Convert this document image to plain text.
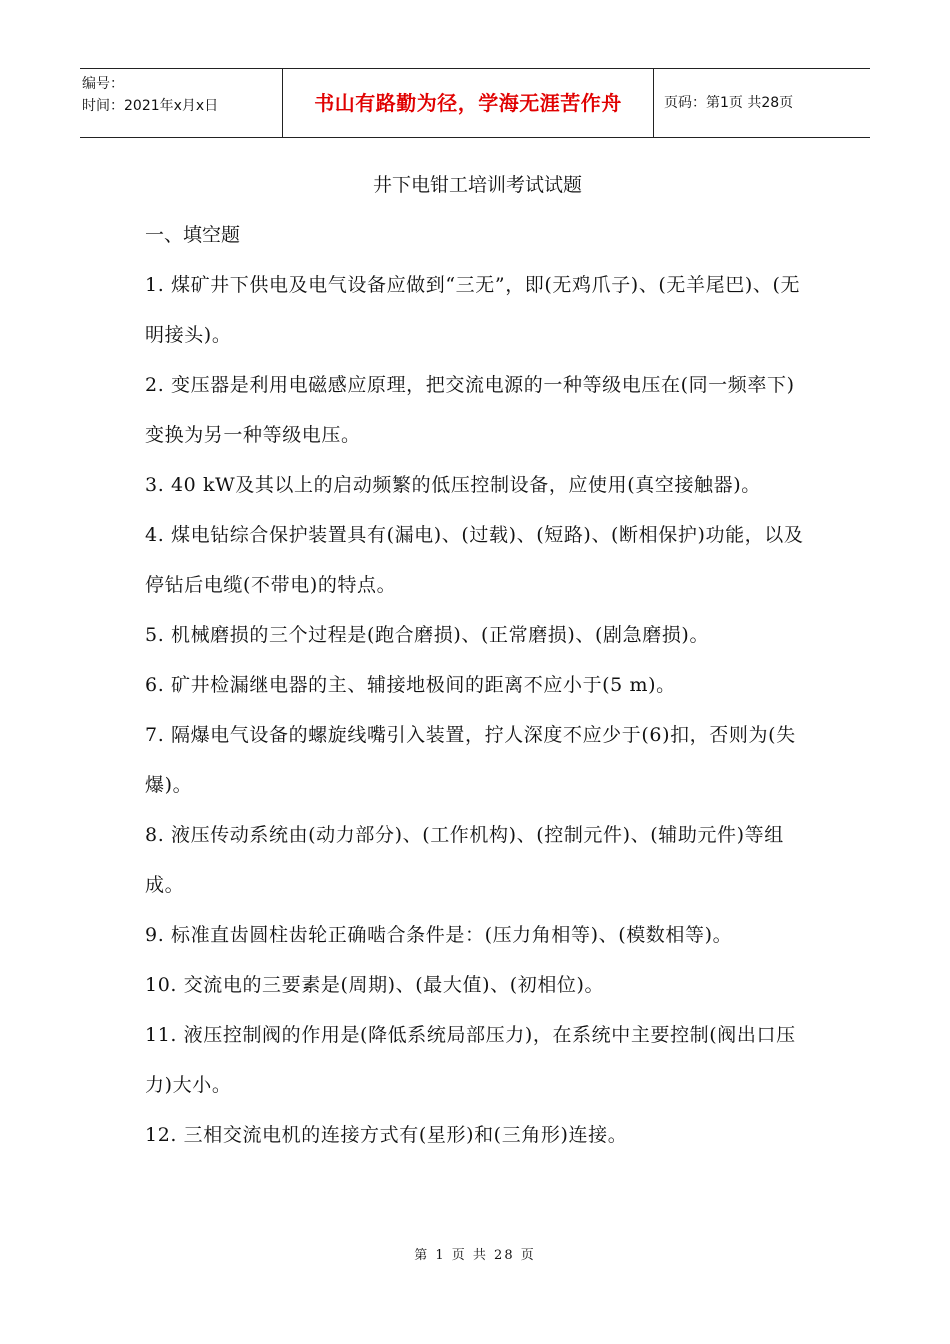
编号：
时间：2021年x月x日	书山有路勤为径，学海无涯苦作舟	页码：第1页 共28页

井下电钳工培训考试试题

一、填空题

1. 煤矿井下供电及电气设备应做到“三无”，即(无鸡爪子)、(无羊尾巴)、(无明接头)。

2. 变压器是利用电磁感应原理，把交流电源的一种等级电压在(同一频率下)变换为另一种等级电压。

3. 40 kW及其以上的启动频繁的低压控制设备，应使用(真空接触器)。

4. 煤电钻综合保护装置具有(漏电)、(过载)、(短路)、(断相保护)功能，以及停钻后电缆(不带电)的特点。

5. 机械磨损的三个过程是(跑合磨损)、(正常磨损)、(剧急磨损)。

6. 矿井检漏继电器的主、辅接地极间的距离不应小于(5 m)。

7. 隔爆电气设备的螺旋线嘴引入装置，拧人深度不应少于(6)扣，否则为(失爆)。

8. 液压传动系统由(动力部分)、(工作机构)、(控制元件)、(辅助元件)等组成。

9. 标准直齿圆柱齿轮正确啮合条件是：(压力角相等)、(模数相等)。

10. 交流电的三要素是(周期)、(最大值)、(初相位)。

11. 液压控制阀的作用是(降低系统局部压力)，在系统中主要控制(阀出口压力)大小。

12. 三相交流电机的连接方式有(星形)和(三角形)连接。

第 1 页 共 28 页
